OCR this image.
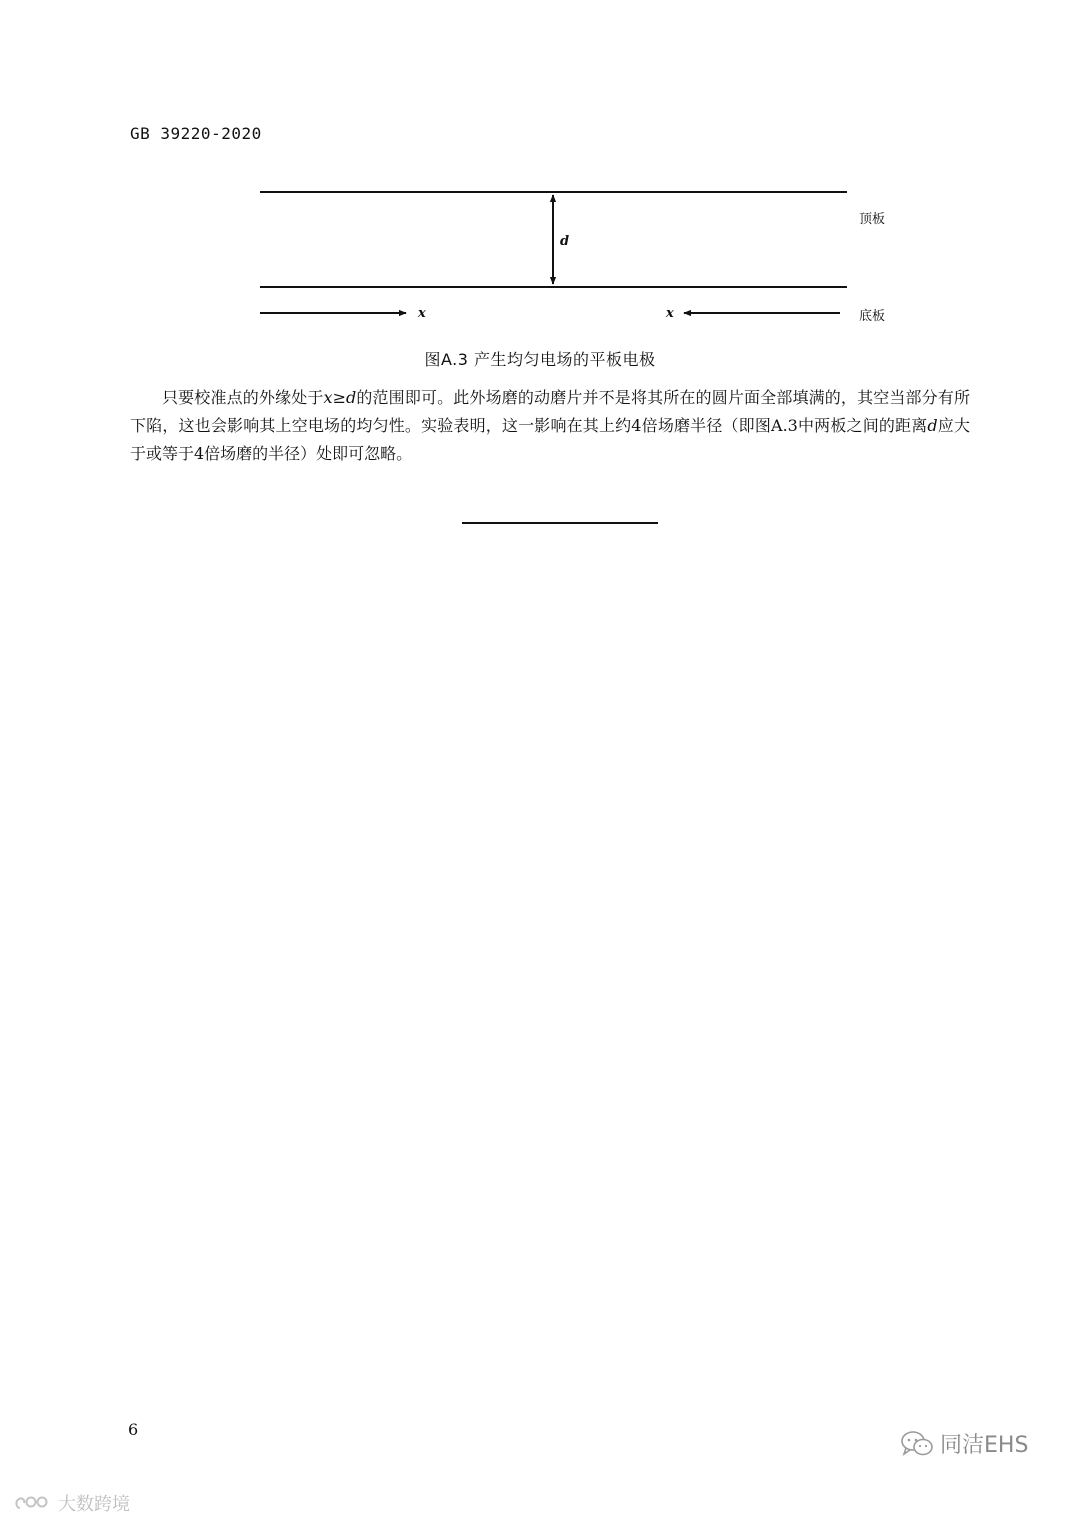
GB 39220-2020
d
顶板
x	x	底板
图A.3 产生均匀电场的平板电极

只要校准点的外缘处于x≥d的范围即可。此外场磨的动磨片并不是将其所在的圆片面全部填满的，其空当部分有所下陷，这也会影响其上空电场的均匀性。实验表明，这一影响在其上约4倍场磨半径（即图A.3中两板之间的距离d应大于或等于4倍场磨的半径）处即可忽略。

6
大数跨境
同洁EHS
